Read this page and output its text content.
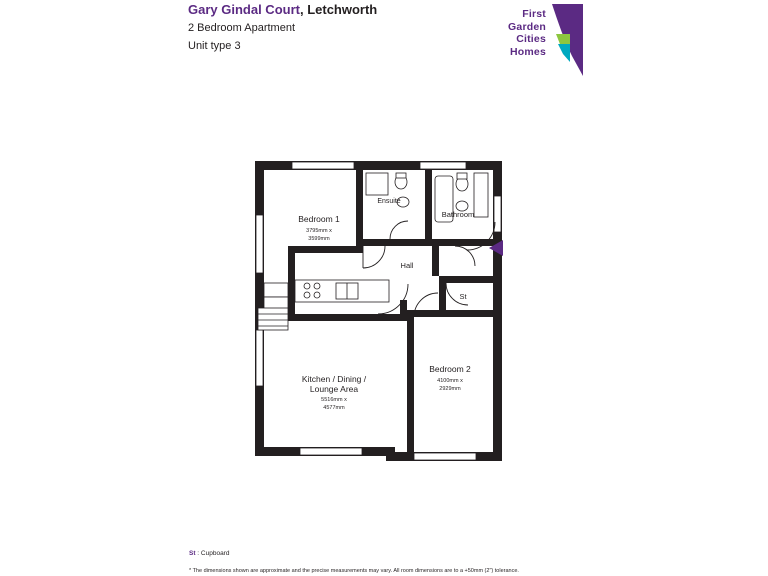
Gary Gindal Court, Letchworth
2 Bedroom Apartment
Unit type 3
First
Garden
Cities
Homes
Bedroom 1
3795mm x
3599mm
Ensuite
Bathroom
Hall
St
Bedroom 2
4100mm x
2929mm
Kitchen / Dining /
Lounge Area
5516mm x
4577mm
St : Cupboard
* The dimensions shown are approximate and the precise measurements may vary. All room dimensions are to a +50mm (2") tolerance.
